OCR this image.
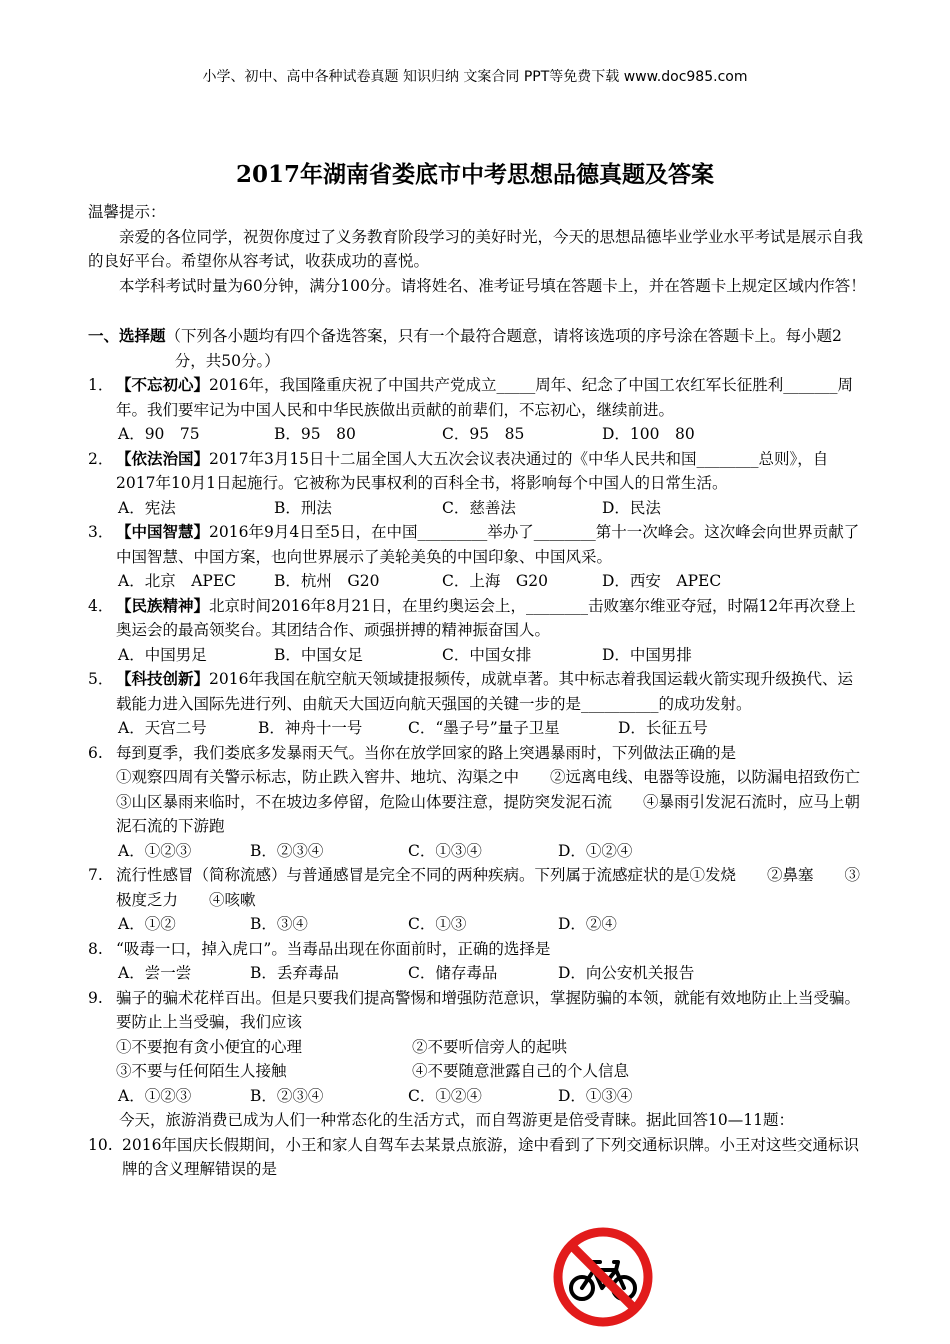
小学、初中、高中各种试卷真题 知识归纳 文案合同 PPT等免费下载 www.doc985.com
2017年湖南省娄底市中考思想品德真题及答案

温馨提示：

亲爱的各位同学，祝贺你度过了义务教育阶段学习的美好时光，今天的思想品德毕业学业水平考试是展示自我的良好平台。希望你从容考试，收获成功的喜悦。

本学科考试时量为60分钟，满分100分。请将姓名、准考证号填在答题卡上，并在答题卡上规定区域内作答！

一、选择题（下列各小题均有四个备选答案，只有一个最符合题意，请将该选项的序号涂在答题卡上。每小题2分，共50分。）
1． 【不忘初心】2016年，我国隆重庆祝了中国共产党成立_____周年、纪念了中国工农红军长征胜利_______周年。我们要牢记为中国人民和中华民族做出贡献的前辈们，不忘初心，继续前进。
A．90　75	B．95　80	C．95　85	D．100　80
2． 【依法治国】2017年3月15日十二届全国人大五次会议表决通过的《中华人民共和国________总则》，自2017年10月1日起施行。它被称为民事权利的百科全书，将影响每个中国人的日常生活。
A．宪法	B．刑法	C．慈善法	D．民法
3． 【中国智慧】2016年9月4日至5日，在中国_________举办了________第十一次峰会。这次峰会向世界贡献了中国智慧、中国方案，也向世界展示了美轮美奂的中国印象、中国风采。
A．北京　APEC	B．杭州　G20	C．上海　G20	D．西安　APEC
4． 【民族精神】北京时间2016年8月21日，在里约奥运会上，________击败塞尔维亚夺冠，时隔12年再次登上奥运会的最高领奖台。其团结合作、顽强拼搏的精神振奋国人。
A．中国男足	B．中国女足	C．中国女排	D．中国男排
5． 【科技创新】2016年我国在航空航天领域捷报频传，成就卓著。其中标志着我国运载火箭实现升级换代、运载能力进入国际先进行列、由航天大国迈向航天强国的关键一步的是__________的成功发射。
A．天宫二号	B．神舟十一号	C．“墨子号”量子卫星	D．长征五号
6. 每到夏季，我们娄底多发暴雨天气。当你在放学回家的路上突遇暴雨时，下列做法正确的是
①观察四周有关警示标志，防止跌入窖井、地坑、沟渠之中　　②远离电线、电器等设施，以防漏电招致伤亡　　③山区暴雨来临时，不在坡边多停留，危险山体要注意，提防突发泥石流　　④暴雨引发泥石流时，应马上朝泥石流的下游跑
A．①②③	B．②③④	C．①③④	D．①②④
7. 流行性感冒（简称流感）与普通感冒是完全不同的两种疾病。下列属于流感症状的是①发烧　　②鼻塞　　③极度乏力　　④咳嗽
A．①②	B．③④	C．①③	D．②④
8. “吸毒一口，掉入虎口”。当毒品出现在你面前时，正确的选择是
A．尝一尝	B．丢弃毒品	C．储存毒品	D．向公安机关报告
9. 骗子的骗术花样百出。但是只要我们提高警惕和增强防范意识，掌握防骗的本领，就能有效地防止上当受骗。要防止上当受骗，我们应该
①不要抱有贪小便宜的心理	②不要听信旁人的起哄
③不要与任何陌生人接触	④不要随意泄露自己的个人信息
A．①②③	B．②③④	C．①②④	D．①③④

今天，旅游消费已成为人们一种常态化的生活方式，而自驾游更是倍受青睐。据此回答10—11题：

10. 2016年国庆长假期间，小王和家人自驾车去某景点旅游，途中看到了下列交通标识牌。小王对这些交通标识牌的含义理解错误的是
